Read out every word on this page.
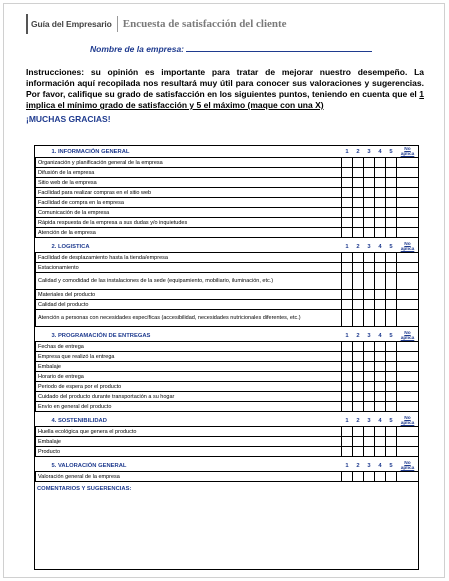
Guía del Empresario Encuesta de satisfacción del cliente
Nombre de la empresa:
Instrucciones: su opinión es importante para tratar de mejorar nuestro desempeño. La información aquí recopilada nos resultará muy útil para conocer sus valoraciones y sugerencias. Por favor, califique su grado de satisfacción en los siguientes puntos, teniendo en cuenta que el 1 implica el mínimo grado de satisfacción y 5 el máximo (maque con una X)
¡MUCHAS GRACIAS!
1. INFORMACIÓN GENERAL	1	2	3	4	5	No
aplica
Organización y planificación general de la empresa						
Difusión de la empresa						
Sitio web de la empresa						
Facilidad para realizar compras en el sitio web						
Facilidad de compra en la empresa						
Comunicación de la empresa						
Rápida respuesta de la empresa a sus dudas y/o inquietudes						
Atención de la empresa						

2. LOGISTICA	1	2	3	4	5	No
aplica
Facilidad de desplazamiento hasta la tienda/empresa						
Estacionamiento						
Calidad y comodidad de las instalaciones de la sede (equipamiento, mobiliario, iluminación, etc.)						
Materiales del producto						
Calidad del producto						
Atención a personas con necesidades específicas (accesibilidad, necesidades nutricionales diferentes, etc.)						

3. PROGRAMACIÓN DE ENTREGAS	1	2	3	4	5	No
aplica
Fechas de entrega						
Empresa que realizó la entrega						
Embalaje						
Horario de entrega						
Periodo de espera por el producto						
Cuidado del producto durante transportación a su hogar						
Envío en general del producto						

4. SOSTENIBILIDAD	1	2	3	4	5	No
aplica
Huella ecológica que genera el producto						
Embalaje						
Producto						

5. VALORACIÓN GENERAL	1	2	3	4	5	No
aplica
Valoración general de la empresa						
COMENTARIOS Y SUGERENCIAS:
